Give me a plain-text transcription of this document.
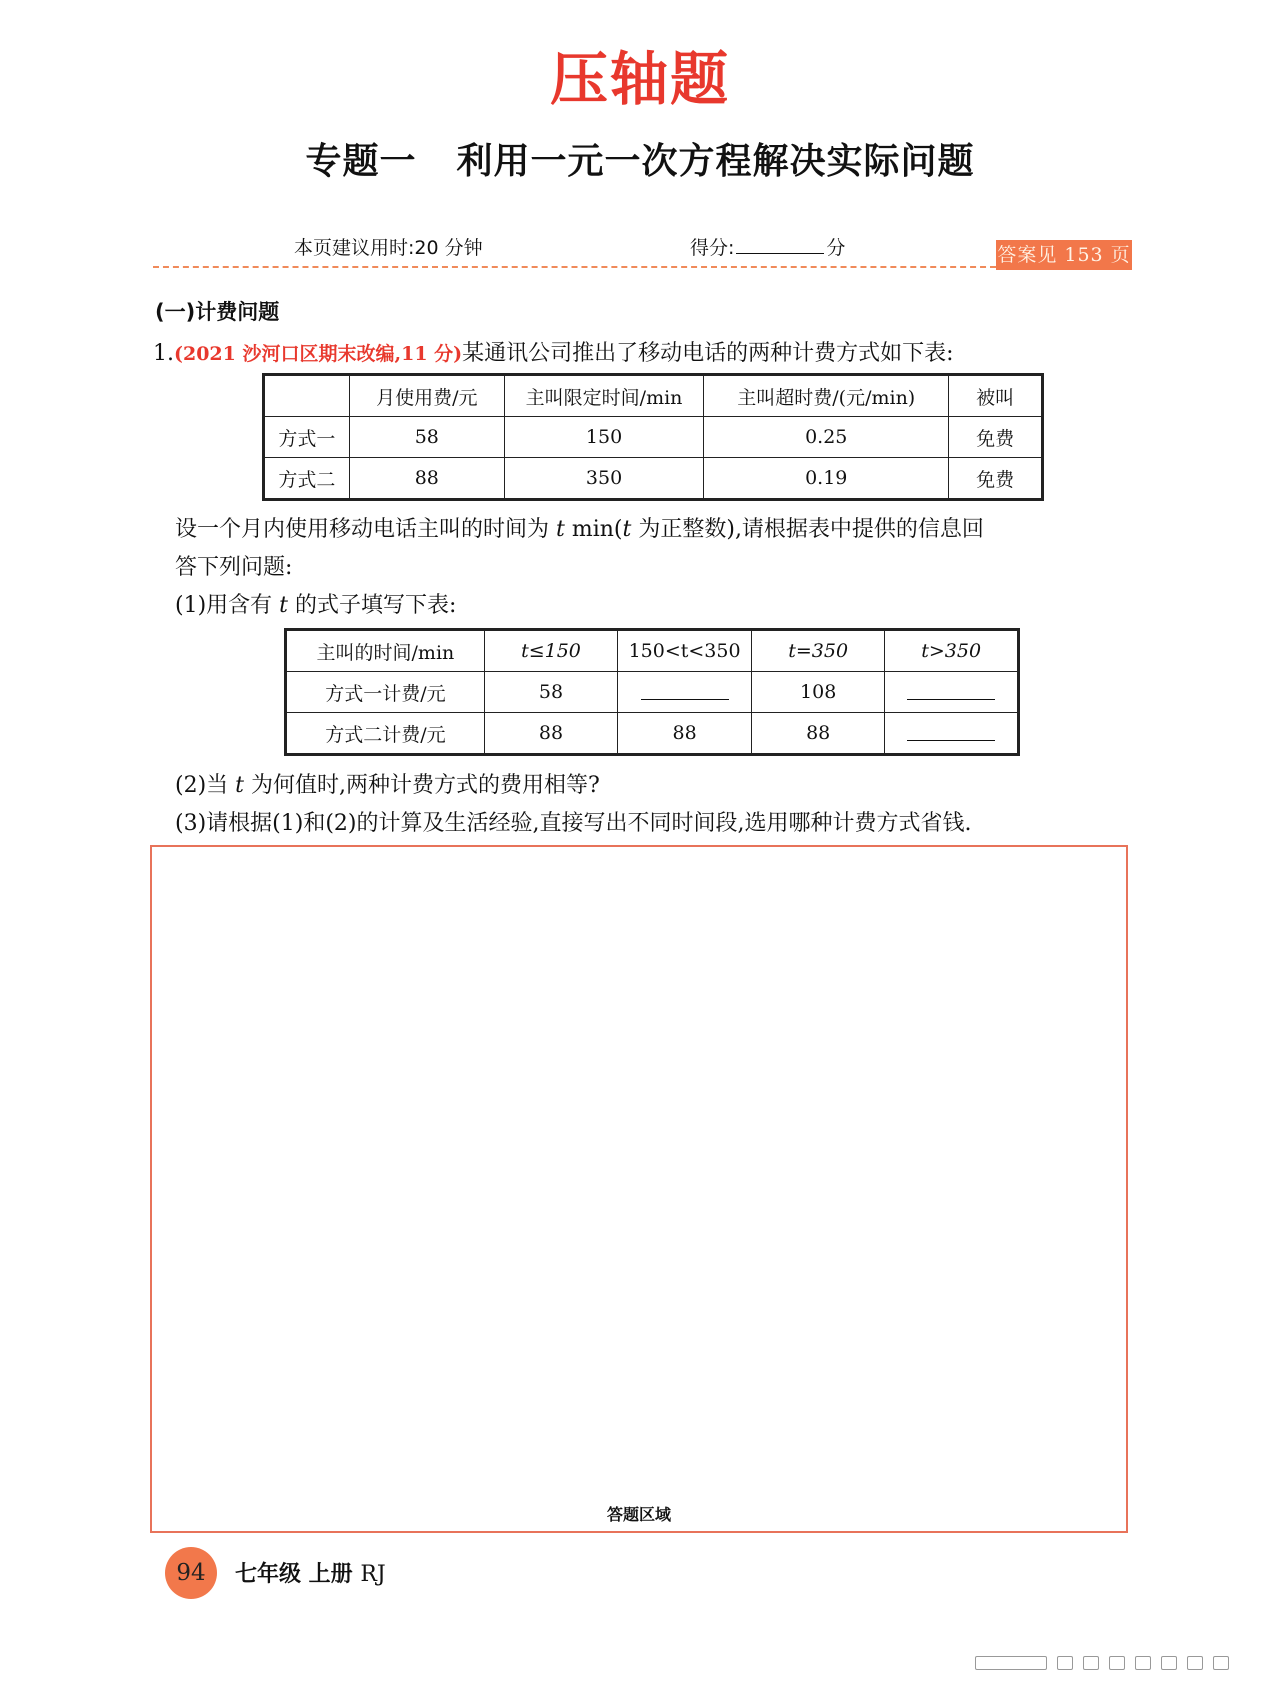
压轴题
专题一 利用一元一次方程解决实际问题
本页建议用时:20 分钟	得分:	分	答案见 153 页
(一)计费问题
1.(2021 沙河口区期末改编,11 分)某通讯公司推出了移动电话的两种计费方式如下表:
	月使用费/元	主叫限定时间/min	主叫超时费/(元/min)	被叫
方式一	58	150	0.25	免费
方式二	88	350	0.19	免费
设一个月内使用移动电话主叫的时间为 t min(t 为正整数),请根据表中提供的信息回
答下列问题:
(1)用含有 t 的式子填写下表:
主叫的时间/min	t≤150	150<t<350	t=350	t>350
方式一计费/元	58		108	
方式二计费/元	88	88	88	
(2)当 t 为何值时,两种计费方式的费用相等?
(3)请根据(1)和(2)的计算及生活经验,直接写出不同时间段,选用哪种计费方式省钱.
答题区域
94	七年级 上册 RJ
